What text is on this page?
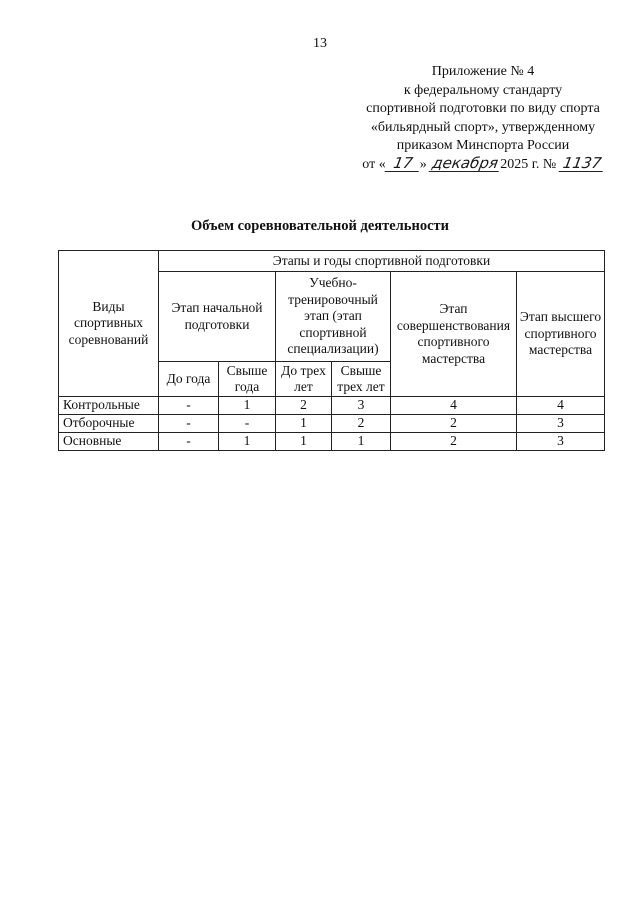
13
Приложение № 4
к федеральному стандарту
спортивной подготовки по виду спорта
«бильярдный спорт», утвержденному
приказом Минспорта России
от « 17 » декабря2025 г. № 1137
Объем соревновательной деятельности
Виды спортивных соревнований	Этапы и годы спортивной подготовки					
	Этап начальной подготовки		Учебно-тренировочный этап (этап спортивной специализации)		Этап совершенствования спортивного мастерства	Этап высшего спортивного мастерства
	До года	Свыше года	До трех лет	Свыше трех лет		
Контрольные	-	1	2	3	4	4
Отборочные	-	-	1	2	2	3
Основные	-	1	1	1	2	3
